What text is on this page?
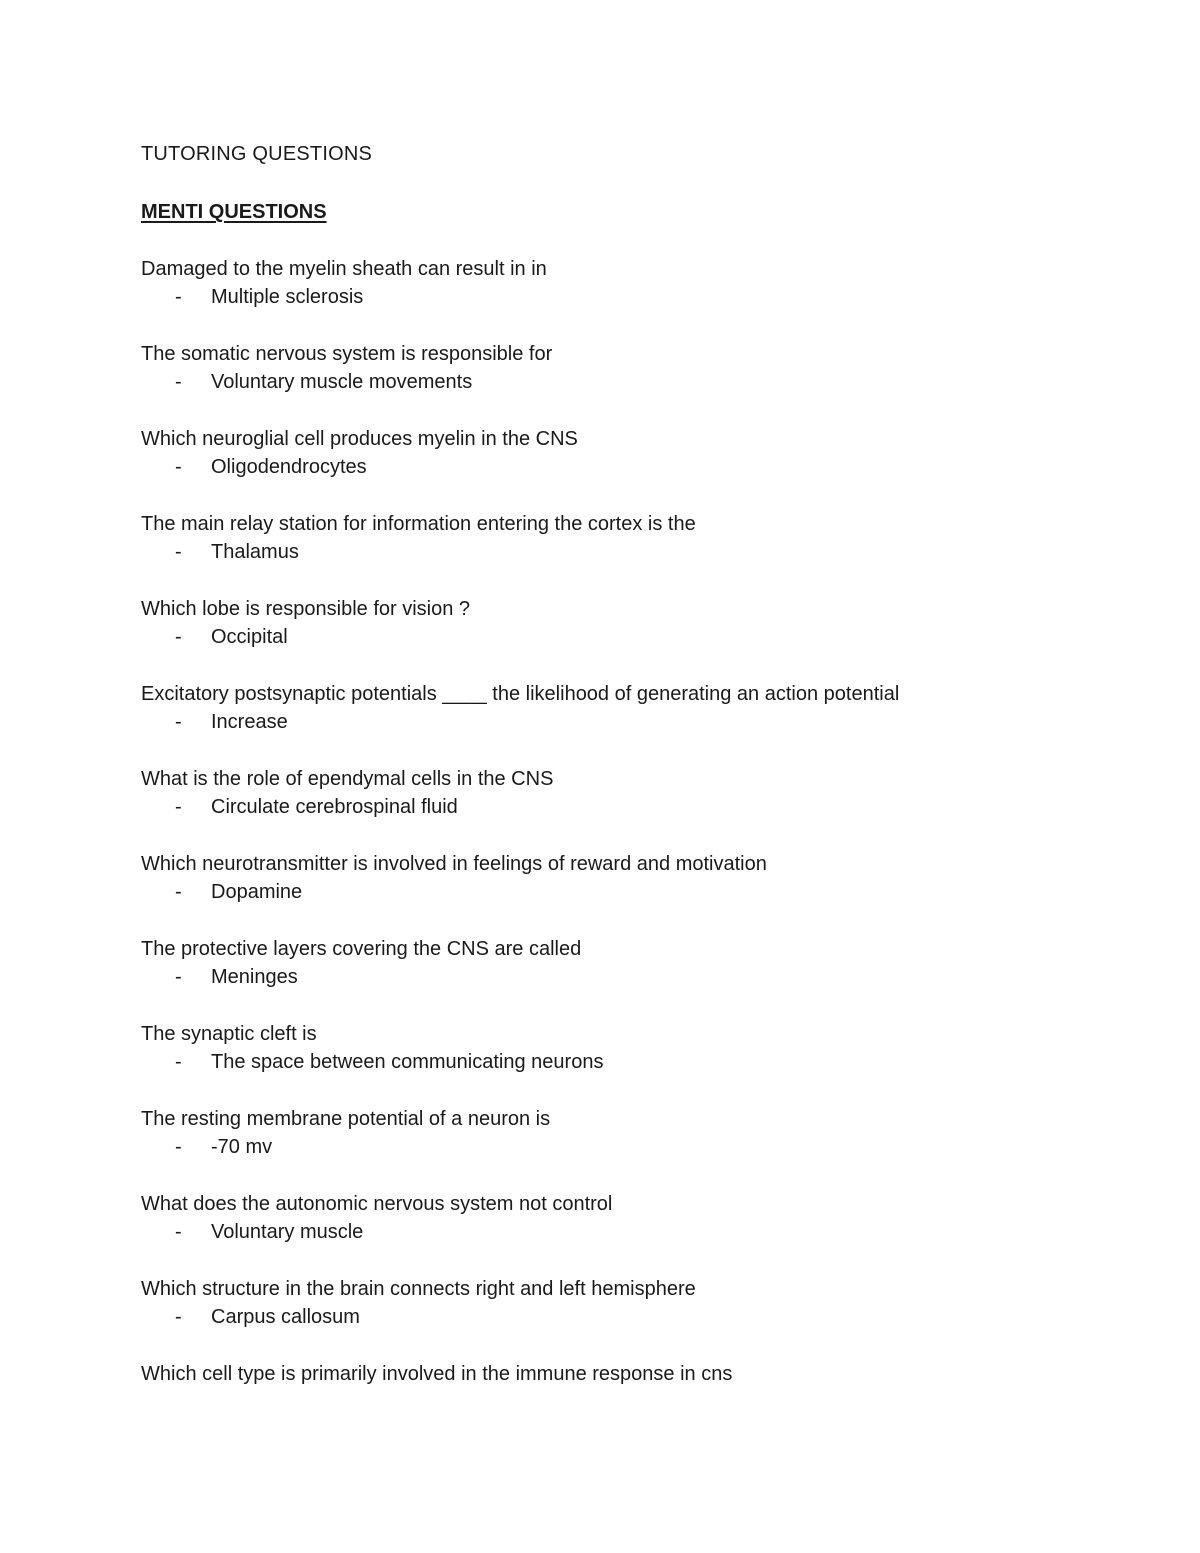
TUTORING QUESTIONS
MENTI QUESTIONS

Damaged to the myelin sheath can result in in

-	Multiple sclerosis

The somatic nervous system is responsible for

-	Voluntary muscle movements

Which neuroglial cell produces myelin in the CNS

-	Oligodendrocytes

The main relay station for information entering the cortex is the

-	Thalamus

Which lobe is responsible for vision ?

-	Occipital

Excitatory postsynaptic potentials ____ the likelihood of generating an action potential

-	Increase

What is the role of ependymal cells in the CNS

-	Circulate cerebrospinal fluid

Which neurotransmitter is involved in feelings of reward and motivation

-	Dopamine

The protective layers covering the CNS are called

-	Meninges

The synaptic cleft is

-	The space between communicating neurons

The resting membrane potential of a neuron is

-	-70 mv

What does the autonomic nervous system not control

-	Voluntary muscle

Which structure in the brain connects right and left hemisphere

-	Carpus callosum

Which cell type is primarily involved in the immune response in cns
